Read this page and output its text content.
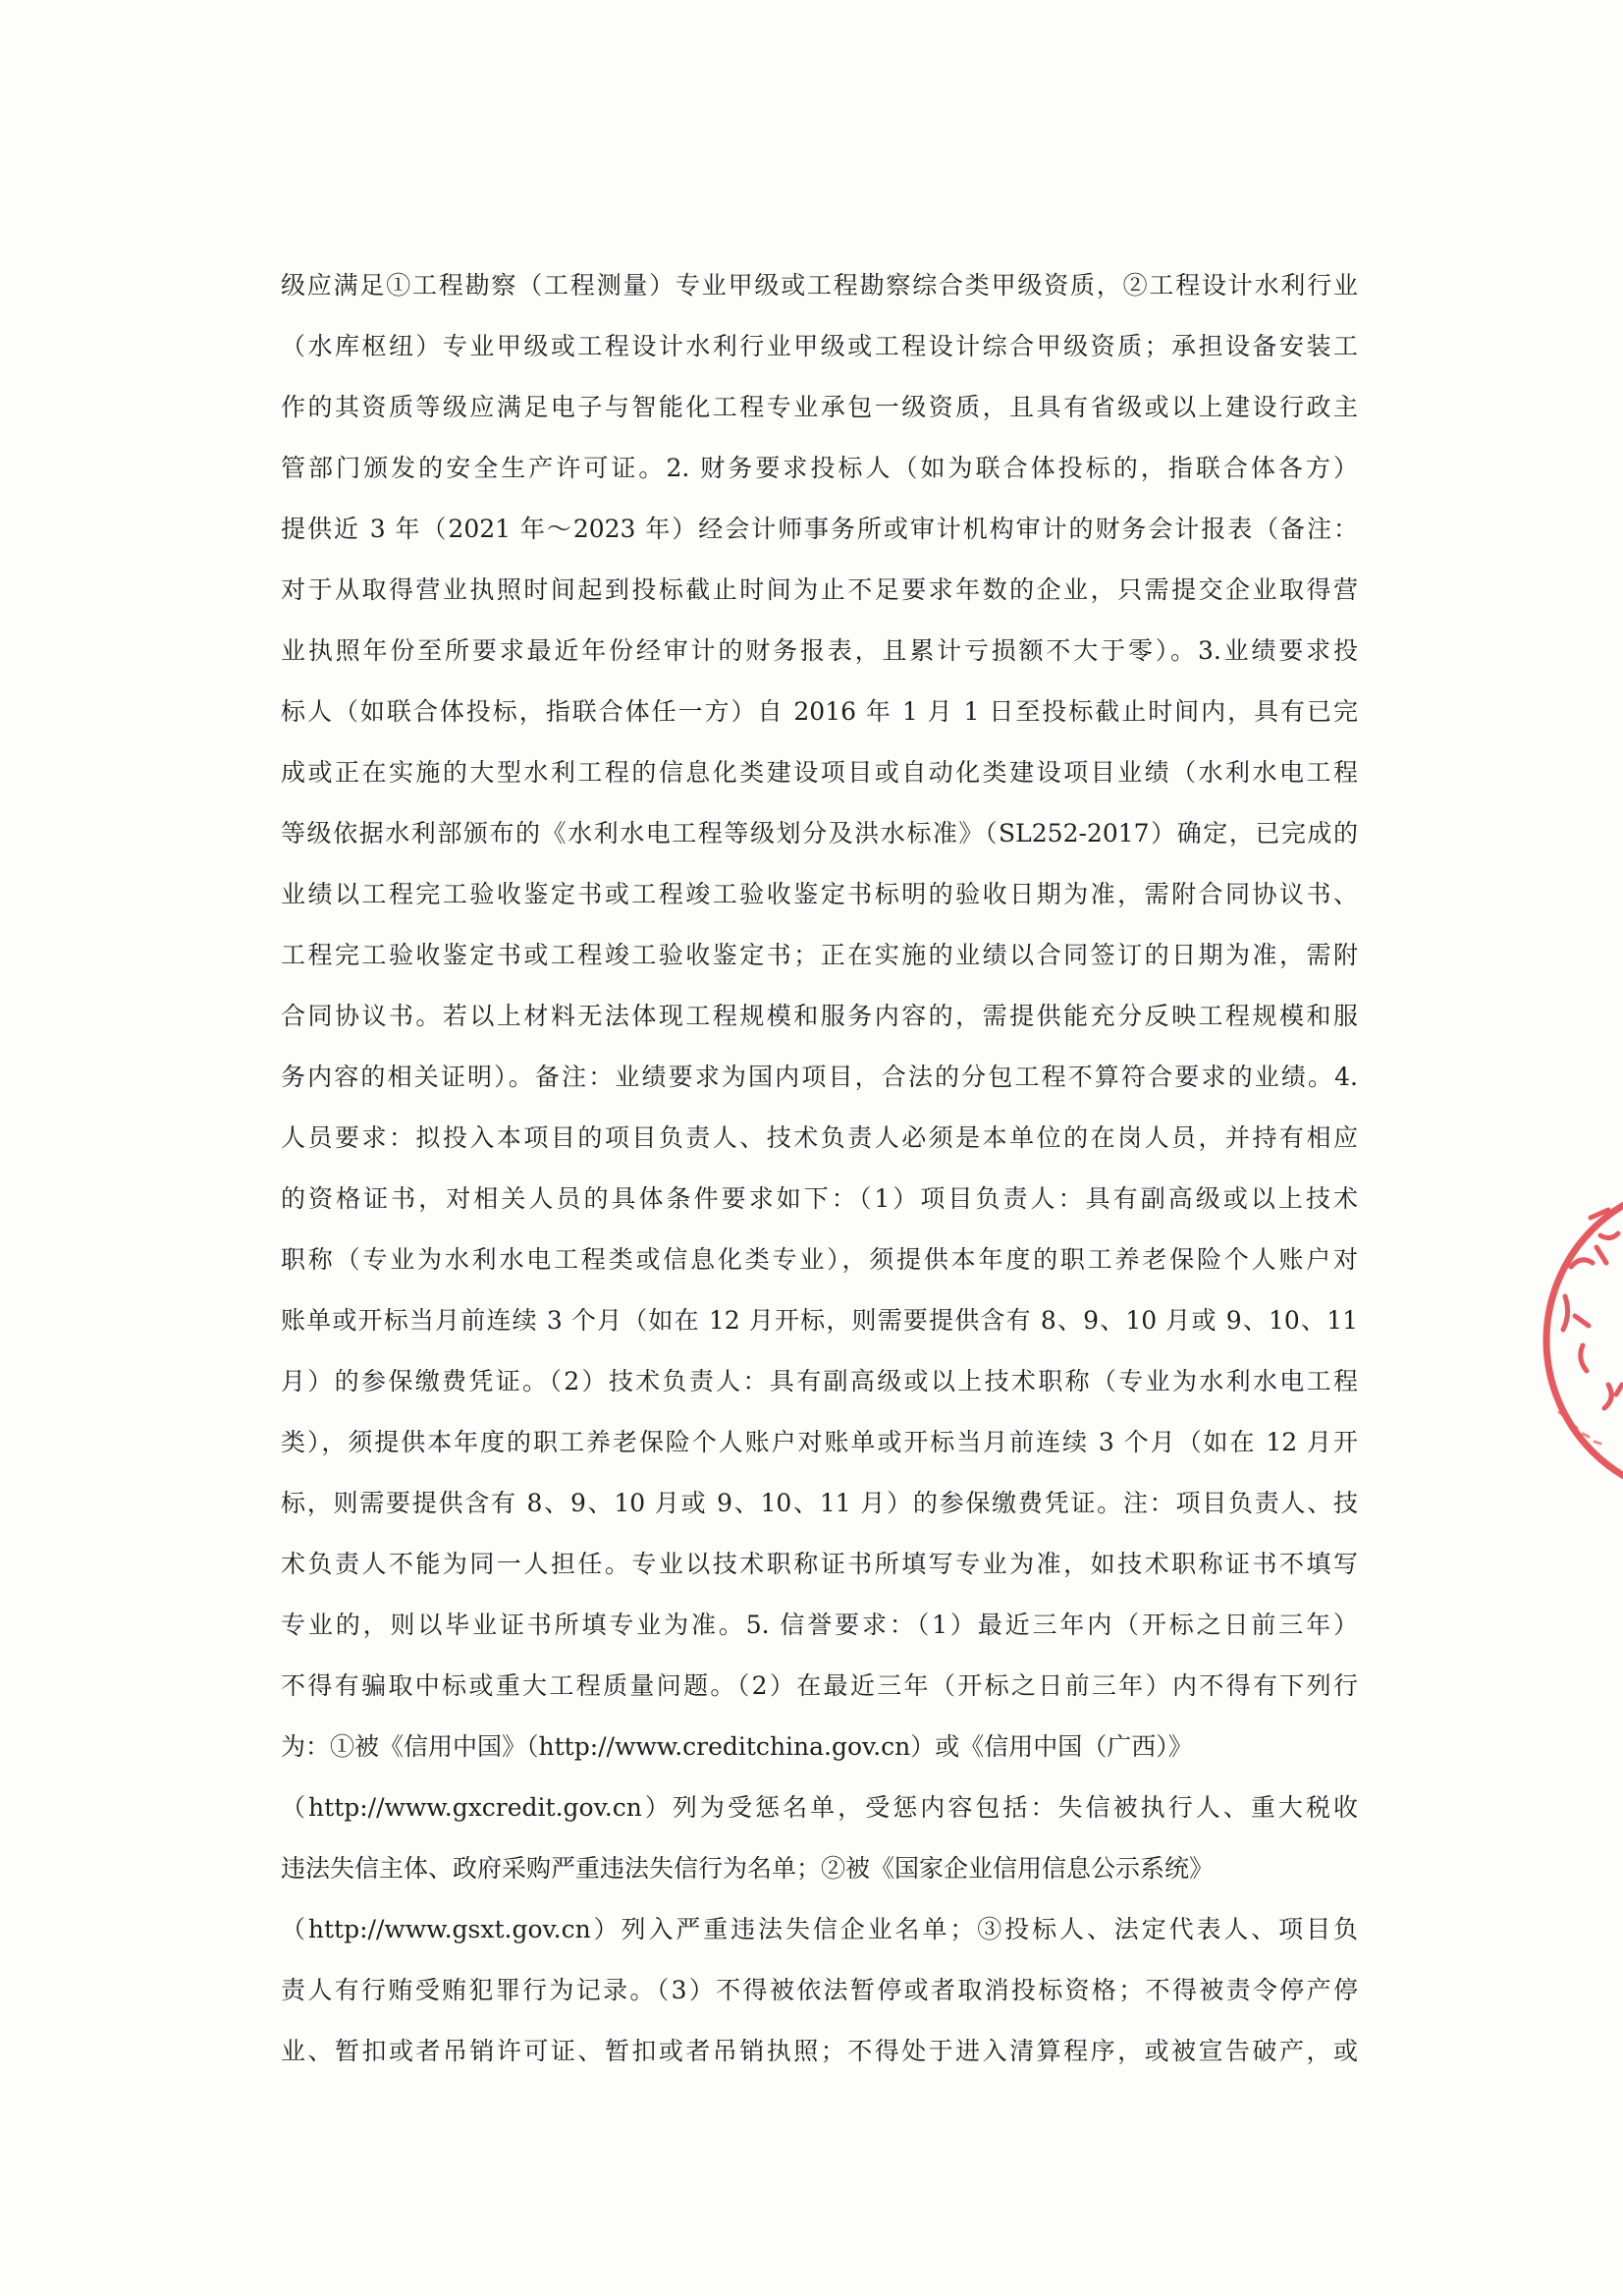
级应满足①工程勘察（工程测量）专业甲级或工程勘察综合类甲级资质，②工程设计水利行业
（水库枢纽）专业甲级或工程设计水利行业甲级或工程设计综合甲级资质；承担设备安装工
作的其资质等级应满足电子与智能化工程专业承包一级资质，且具有省级或以上建设行政主
管部门颁发的安全生产许可证。2. 财务要求投标人（如为联合体投标的，指联合体各方）
提供近 3 年（2021 年～2023 年）经会计师事务所或审计机构审计的财务会计报表（备注：
对于从取得营业执照时间起到投标截止时间为止不足要求年数的企业，只需提交企业取得营
业执照年份至所要求最近年份经审计的财务报表，且累计亏损额不大于零）。3.业绩要求投
标人（如联合体投标，指联合体任一方）自 2016 年 1 月 1 日至投标截止时间内，具有已完
成或正在实施的大型水利工程的信息化类建设项目或自动化类建设项目业绩（水利水电工程
等级依据水利部颁布的《水利水电工程等级划分及洪水标准》（SL252-2017）确定，已完成的
业绩以工程完工验收鉴定书或工程竣工验收鉴定书标明的验收日期为准，需附合同协议书、
工程完工验收鉴定书或工程竣工验收鉴定书；正在实施的业绩以合同签订的日期为准，需附
合同协议书。若以上材料无法体现工程规模和服务内容的，需提供能充分反映工程规模和服
务内容的相关证明）。备注：业绩要求为国内项目，合法的分包工程不算符合要求的业绩。4.
人员要求：拟投入本项目的项目负责人、技术负责人必须是本单位的在岗人员，并持有相应
的资格证书，对相关人员的具体条件要求如下：（1）项目负责人：具有副高级或以上技术
职称（专业为水利水电工程类或信息化类专业），须提供本年度的职工养老保险个人账户对
账单或开标当月前连续 3 个月（如在 12 月开标，则需要提供含有 8、9、10 月或 9、10、11
月）的参保缴费凭证。（2）技术负责人：具有副高级或以上技术职称（专业为水利水电工程
类），须提供本年度的职工养老保险个人账户对账单或开标当月前连续 3 个月（如在 12 月开
标，则需要提供含有 8、9、10 月或 9、10、11 月）的参保缴费凭证。注：项目负责人、技
术负责人不能为同一人担任。专业以技术职称证书所填写专业为准，如技术职称证书不填写
专业的，则以毕业证书所填专业为准。5. 信誉要求：（1）最近三年内（开标之日前三年）
不得有骗取中标或重大工程质量问题。（2）在最近三年（开标之日前三年）内不得有下列行
为：①被《信用中国》（http://www.creditchina.gov.cn）或《信用中国（广西）》
（http://www.gxcredit.gov.cn）列为受惩名单，受惩内容包括：失信被执行人、重大税收
违法失信主体、政府采购严重违法失信行为名单；②被《国家企业信用信息公示系统》
（http://www.gsxt.gov.cn）列入严重违法失信企业名单；③投标人、法定代表人、项目负
责人有行贿受贿犯罪行为记录。（3）不得被依法暂停或者取消投标资格；不得被责令停产停
业、暂扣或者吊销许可证、暂扣或者吊销执照；不得处于进入清算程序，或被宣告破产，或
